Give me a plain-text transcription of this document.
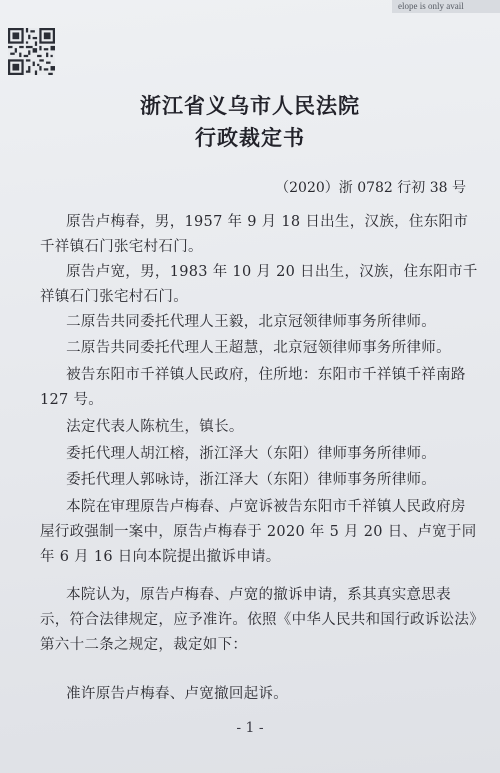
elope is only avail
浙江省义乌市人民法院
行政裁定书
（2020）浙 0782 行初 38 号

原告卢梅春，男，1957 年 9 月 18 日出生，汉族，住东阳市千祥镇石门张宅村石门。

原告卢宽，男，1983 年 10 月 20 日出生，汉族，住东阳市千祥镇石门张宅村石门。

二原告共同委托代理人王毅，北京冠领律师事务所律师。

二原告共同委托代理人王超慧，北京冠领律师事务所律师。

被告东阳市千祥镇人民政府，住所地：东阳市千祥镇千祥南路 127 号。

法定代表人陈杭生，镇长。

委托代理人胡江榕，浙江泽大（东阳）律师事务所律师。

委托代理人郭咏诗，浙江泽大（东阳）律师事务所律师。

本院在审理原告卢梅春、卢宽诉被告东阳市千祥镇人民政府房屋行政强制一案中，原告卢梅春于 2020 年 5 月 20 日、卢宽于同年 6 月 16 日向本院提出撤诉申请。

本院认为，原告卢梅春、卢宽的撤诉申请，系其真实意思表示，符合法律规定，应予准许。依照《中华人民共和国行政诉讼法》第六十二条之规定，裁定如下：

准许原告卢梅春、卢宽撤回起诉。

- 1 -
